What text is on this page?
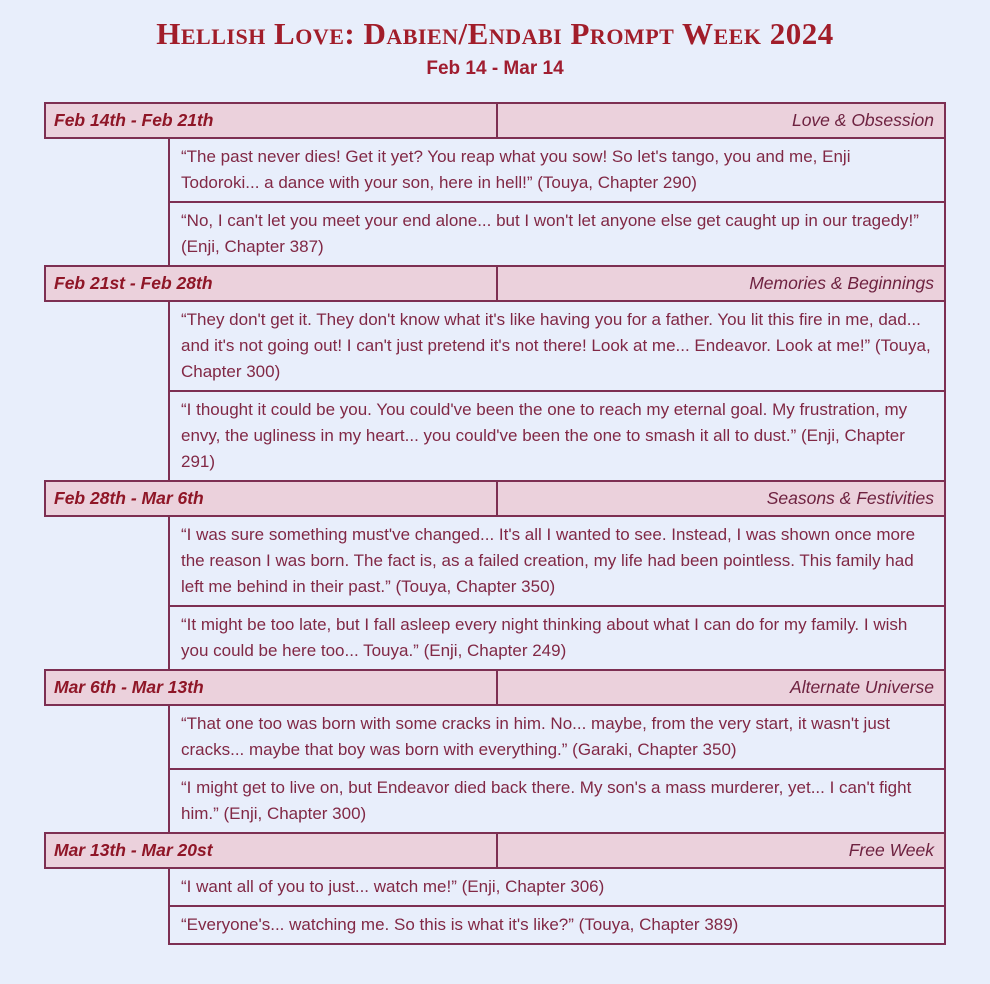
Hellish Love: Dabien/Endabi Prompt Week 2024
Feb 14 - Mar 14
Feb 14th - Feb 21th	Love & Obsession
“The past never dies! Get it yet? You reap what you sow! So let's tango, you and me, Enji Todoroki... a dance with your son, here in hell!” (Touya, Chapter 290)
“No, I can't let you meet your end alone... but I won't let anyone else get caught up in our tragedy!” (Enji, Chapter 387)
Feb 21st - Feb 28th	Memories & Beginnings
“They don't get it. They don't know what it's like having you for a father. You lit this fire in me, dad... and it's not going out! I can't just pretend it's not there! Look at me... Endeavor. Look at me!” (Touya, Chapter 300)
“I thought it could be you. You could've been the one to reach my eternal goal. My frustration, my envy, the ugliness in my heart... you could've been the one to smash it all to dust.” (Enji, Chapter 291)
Feb 28th - Mar 6th	Seasons & Festivities
“I was sure something must've changed... It's all I wanted to see. Instead, I was shown once more the reason I was born. The fact is, as a failed creation, my life had been pointless. This family had left me behind in their past.” (Touya, Chapter 350)
“It might be too late, but I fall asleep every night thinking about what I can do for my family. I wish you could be here too... Touya.” (Enji, Chapter 249)
Mar 6th - Mar 13th	Alternate Universe
“That one too was born with some cracks in him. No... maybe, from the very start, it wasn't just cracks... maybe that boy was born with everything.” (Garaki, Chapter 350)
“I might get to live on, but Endeavor died back there. My son's a mass murderer, yet... I can't fight him.” (Enji, Chapter 300)
Mar 13th - Mar 20st	Free Week
“I want all of you to just... watch me!” (Enji, Chapter 306)
“Everyone's... watching me. So this is what it's like?” (Touya, Chapter 389)
